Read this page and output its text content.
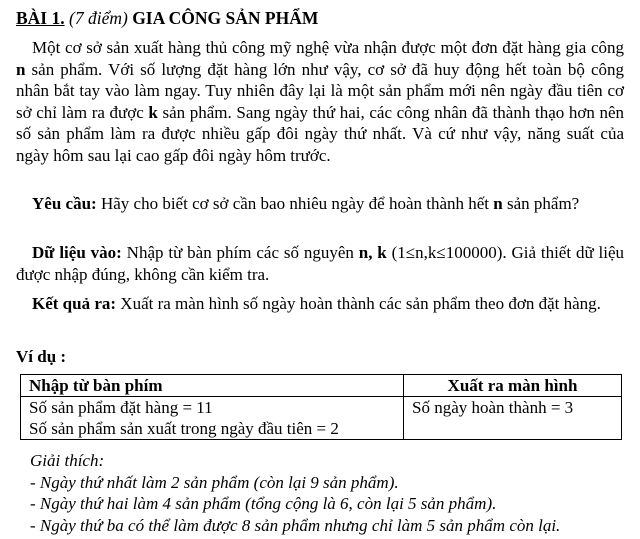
BÀI 1. (7 điểm) GIA CÔNG SẢN PHẨM

Một cơ sở sản xuất hàng thủ công mỹ nghệ vừa nhận được một đơn đặt hàng gia công n sản phẩm. Với số lượng đặt hàng lớn như vậy, cơ sở đã huy động hết toàn bộ công nhân bắt tay vào làm ngay. Tuy nhiên đây lại là một sản phẩm mới nên ngày đầu tiên cơ sở chỉ làm ra được k sản phẩm. Sang ngày thứ hai, các công nhân đã thành thạo hơn nên số sản phẩm làm ra được nhiều gấp đôi ngày thứ nhất. Và cứ như vậy, năng suất của ngày hôm sau lại cao gấp đôi ngày hôm trước.

Yêu cầu: Hãy cho biết cơ sở cần bao nhiêu ngày để hoàn thành hết n sản phẩm?

Dữ liệu vào: Nhập từ bàn phím các số nguyên n, k (1≤n,k≤100000). Giả thiết dữ liệu được nhập đúng, không cần kiểm tra.

Kết quả ra: Xuất ra màn hình số ngày hoàn thành các sản phẩm theo đơn đặt hàng.

Ví dụ :
Nhập từ bàn phím	Xuất ra màn hình

Số sản phẩm đặt hàng = 11
Số sản phẩm sản xuất trong ngày đầu tiên = 2	Số ngày hoàn thành = 3
Giải thích:
- Ngày thứ nhất làm 2 sản phẩm (còn lại 9 sản phẩm).
- Ngày thứ hai làm 4 sản phẩm (tổng cộng là 6, còn lại 5 sản phẩm).
- Ngày thứ ba có thể làm được 8 sản phẩm nhưng chỉ làm 5 sản phẩm còn lại.
